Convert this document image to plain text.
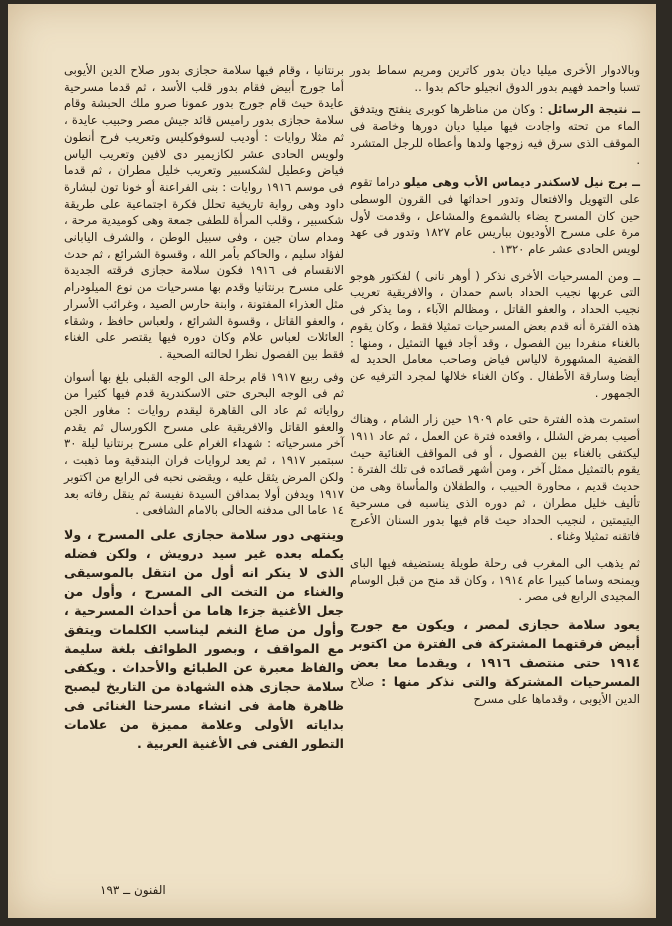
وبالادوار الأخرى ميليا ديان بدور كاترين ومريم سماط بدور تسبا واحمد فهيم بدور الدوق انجيلو حاكم بدوا ..

ــ نتيجة الرسائل : وكان من مناظرها كوبرى ينفتح ويتدفق الماء من تحته واجادت فيها ميليا ديان دورها وخاصة فى الموقف الذى سرق فيه زوجها ولدها وأعطاه للرجل المتشرد .

ــ برج نيل لاسكندر ديماس الأب وهى ميلو دراما تقوم على التهويل والافتعال وتدور احداثها فى القرون الوسطى حين كان المسرح يضاء بالشموع والمشاعل ، وقدمت لأول مرة على مسرح الأوديون بباريس عام ١٨٢٧ وتدور فى عهد لويس الحادى عشر عام ١٣٢٠ .

ــ ومن المسرحيات الأخرى نذكر ( أوهر نانى ) لفكتور هوجو التى عربها نجيب الحداد باسم حمدان ، والافريقية تعريب نجيب الحداد ، والعفو القاتل ، ومظالم الآباء ، وما يذكر فى هذه الفترة أنه قدم بعض المسرحيات تمثيلا فقط ، وكان يقوم بالغناء منفردا بين الفصول ، وقد أجاد فيها التمثيل ، ومنها : القضية المشهورة لالياس فياض وصاحب معامل الحديد له أيضا وسارقة الأطفال . وكان الغناء خلالها لمجرد الترفيه عن الجمهور .

استمرت هذه الفترة حتى عام ١٩٠٩ حين زار الشام ، وهناك أصيب بمرض الشلل ، واقعده فترة عن العمل ، ثم عاد ١٩١١ ليكتفى بالغناء بين الفصول ، أو فى المواقف الغنائية حيث يقوم بالتمثيل ممثل آخر ، ومن أشهر قصائده فى تلك الفترة : حديث قديم ، محاورة الحبيب ، والطفلان والمأساة وهى من تأليف خليل مطران ، ثم دوره الذى يناسبه فى مسرحية اليتيمتين ، لنجيب الحداد حيث قام فيها بدور السنان الأعرج فاتقنه تمثيلا وغناء .

ثم يذهب الى المغرب فى رحلة طويلة يستضيفه فيها الباى ويمنحه وساما كبيرا عام ١٩١٤ ، وكان قد منح من قبل الوسام المجيدى الرابع فى مصر .

يعود سلامة حجازى لمصر ، ويكون مع جورج أبيض فرقتهما المشتركة فى الفترة من اكتوبر ١٩١٤ حتى منتصف ١٩١٦ ، ويقدما معا بعض المسرحيات المشتركة والتى نذكر منها : صلاح الدين الأيوبى ، وقدماها على مسرح

برنتانيا ، وقام فيها سلامة حجازى بدور صلاح الدين الأيوبى أما جورج أبيض فقام بدور قلب الأسد ، ثم قدما مسرحية عايدة حيث قام جورج بدور عمونا صرو ملك الحبشة وقام سلامة حجازى بدور راميس قائد جيش مصر وحبيب عايدة ، ثم مثلا روايات : أوديب لسوفوكليس وتعريب فرح أنطون ولويس الحادى عشر لكازيمير دى لافين وتعريب الياس فياض وعطيل لشكسبير وتعريب خليل مطران ، ثم قدما فى موسم ١٩١٦ روايات : بنى الفراعنة أو خونا تون لبشارة داود وهى رواية تاريخية تحلل فكرة اجتماعية على طريقة شكسبير ، وقلب المرأة للطفى جمعة وهى كوميدية مرحة ، ومدام سان جين ، وفى سبيل الوطن ، والشرف اليابانى لفؤاد سليم ، والحاكم بأمر الله ، وقسوة الشرائع ، ثم حدث الانقسام فى ١٩١٦ فكون سلامة حجازى فرقته الجديدة على مسرح برنتانيا وقدم بها مسرحيات من نوع الميلودرام مثل العذراء المفتونة ، وابنة حارس الصيد ، وغرائب الأسرار ، والعفو القاتل ، وقسوة الشرائع ، ولعباس حافظ ، وشقاء العائلات لعباس علام وكان دوره فيها يقتصر على الغناء فقط بين الفصول نظرا لحالته الصحية .

وفى ربيع ١٩١٧ قام برحلة الى الوجه القبلى بلغ بها أسوان ثم فى الوجه البحرى حتى الاسكندرية قدم فيها كثيرا من رواياته ثم عاد الى القاهرة ليقدم روايات : مغاور الجن والعفو القاتل والافريقية على مسرح الكورسال ثم يقدم آخر مسرحياته : شهداء الغرام على مسرح برنتانيا ليلة ٣٠ سبتمبر ١٩١٧ ، ثم يعد لروايات فران البندقية وما ذهبت ، ولكن المرض يثقل عليه ، ويقضى نحبه فى الرابع من اكتوبر ١٩١٧ ويدفن أولا بمدافن السيدة نفيسة ثم ينقل رفاته بعد ١٤ عاما الى مدفنه الحالى بالامام الشافعى .

وينتهى دور سلامة حجازى على المسرح ، ولا يكمله بعده غير سيد درويش ، ولكن فضله الذى لا ينكر انه أول من انتقل بالموسيقى والغناء من التخت الى المسرح ، وأول من جعل الأغنية جزءا هاما من أحداث المسرحية ، وأول من صاغ النغم ليناسب الكلمات ويتفق مع المواقف ، وبصور الطوائف بلغة سليمة والفاظ معبرة عن الطبائع والأحداث . ويكفى سلامة حجازى هذه الشهادة من التاريخ ليصبح ظاهرة هامة فى انشاء مسرحنا الغنائى فى بداياته الأولى وعلامة مميزة من علامات التطور الفنى فى الأغنية العربية .

الفنون ــ ١٩٣
